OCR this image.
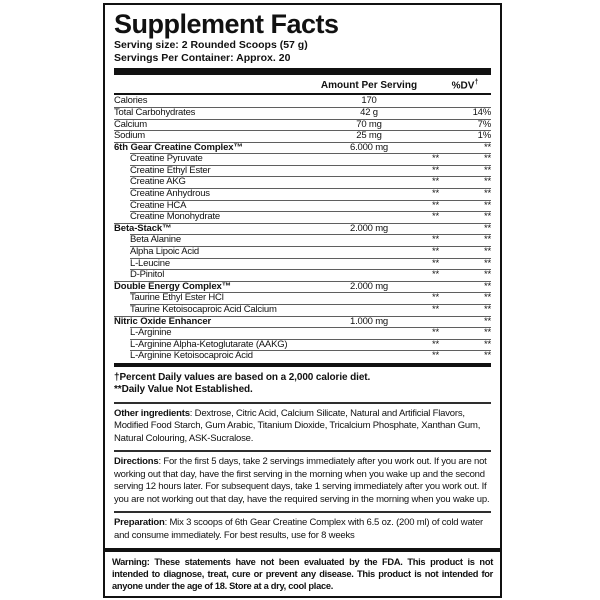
Supplement Facts
Serving size: 2 Rounded Scoops (57 g)
Servings Per Container: Approx. 20
Amount Per Serving	%DV†
Calories	170
Total Carbohydrates	42 g	14%
Calcium	70 mg	7%
Sodium	25 mg	1%
6th Gear Creatine Complex™	6.000 mg	**
Creatine Pyruvate	**	**
Creatine Ethyl Ester	**	**
Creatine AKG	**	**
Creatine Anhydrous	**	**
Creatine HCA	**	**
Creatine Monohydrate	**	**
Beta-Stack™	2.000 mg	**
Beta Alanine	**	**
Alpha Lipoic Acid	**	**
L-Leucine	**	**
D-Pinitol	**	**
Double Energy Complex™	2.000 mg	**
Taurine Ethyl Ester HCl	**	**
Taurine Ketoisocaproic Acid Calcium	**	**
Nitric Oxide Enhancer	1.000 mg	**
L-Arginine	**	**
L-Arginine Alpha-Ketoglutarate (AAKG)	**	**
L-Arginine Ketoisocaproic Acid	**	**
†Percent Daily values are based on a 2,000 calorie diet.
**Daily Value Not Established.
Other ingredients: Dextrose, Citric Acid, Calcium Silicate, Natural and Artificial Flavors, Modified Food Starch, Gum Arabic, Titanium Dioxide, Tricalcium Phosphate, Xanthan Gum, Natural Colouring, ASK-Sucralose.
Directions: For the first 5 days, take 2 servings immediately after you work out. If you are not working out that day, have the first serving in the morning when you wake up and the second serving 12 hours later. For subsequent days, take 1 serving immediately after you work out. If you are not working out that day, have the required serving in the morning when you wake up.
Preparation: Mix 3 scoops of 6th Gear Creatine Complex with 6.5 oz. (200 ml) of cold water and consume immediately. For best results, use for 8 weeks
Warning: These statements have not been evaluated by the FDA. This product is not intended to diagnose, treat, cure or prevent any disease. This product is not intended for anyone under the age of 18. Store at a dry, cool place.
